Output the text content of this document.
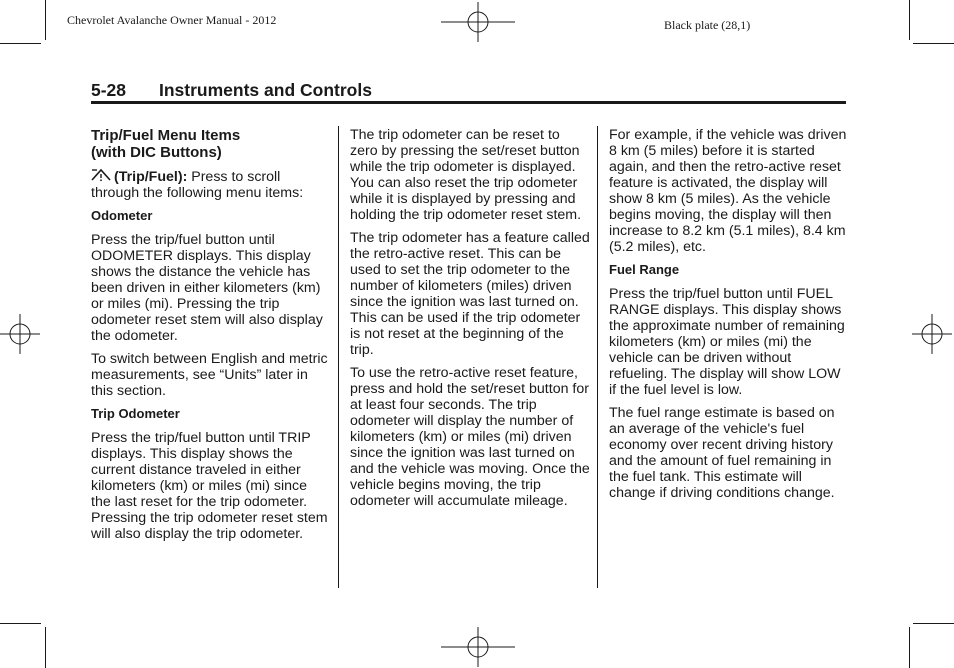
Chevrolet Avalanche Owner Manual - 2012	Black plate (28,1)
5-28 Instruments and Controls
Trip/Fuel Menu Items
(with DIC Buttons)

(Trip/Fuel): Press to scroll through the following menu items:

Odometer

Press the trip/fuel button until ODOMETER displays. This display shows the distance the vehicle has been driven in either kilometers (km) or miles (mi). Pressing the trip odometer reset stem will also display the odometer.

To switch between English and metric measurements, see “Units” later in this section.

Trip Odometer

Press the trip/fuel button until TRIP displays. This display shows the current distance traveled in either kilometers (km) or miles (mi) since the last reset for the trip odometer. Pressing the trip odometer reset stem will also display the trip odometer.

The trip odometer can be reset to zero by pressing the set/reset button while the trip odometer is displayed. You can also reset the trip odometer while it is displayed by pressing and holding the trip odometer reset stem.

The trip odometer has a feature called the retro-active reset. This can be used to set the trip odometer to the number of kilometers (miles) driven since the ignition was last turned on. This can be used if the trip odometer is not reset at the beginning of the trip.

To use the retro-active reset feature, press and hold the set/reset button for at least four seconds. The trip odometer will display the number of kilometers (km) or miles (mi) driven since the ignition was last turned on and the vehicle was moving. Once the vehicle begins moving, the trip odometer will accumulate mileage.

For example, if the vehicle was driven 8 km (5 miles) before it is started again, and then the retro-active reset feature is activated, the display will show 8 km (5 miles). As the vehicle begins moving, the display will then increase to 8.2 km (5.1 miles), 8.4 km (5.2 miles), etc.

Fuel Range

Press the trip/fuel button until FUEL RANGE displays. This display shows the approximate number of remaining kilometers (km) or miles (mi) the vehicle can be driven without refueling. The display will show LOW if the fuel level is low.

The fuel range estimate is based on an average of the vehicle's fuel economy over recent driving history and the amount of fuel remaining in the fuel tank. This estimate will change if driving conditions change.
